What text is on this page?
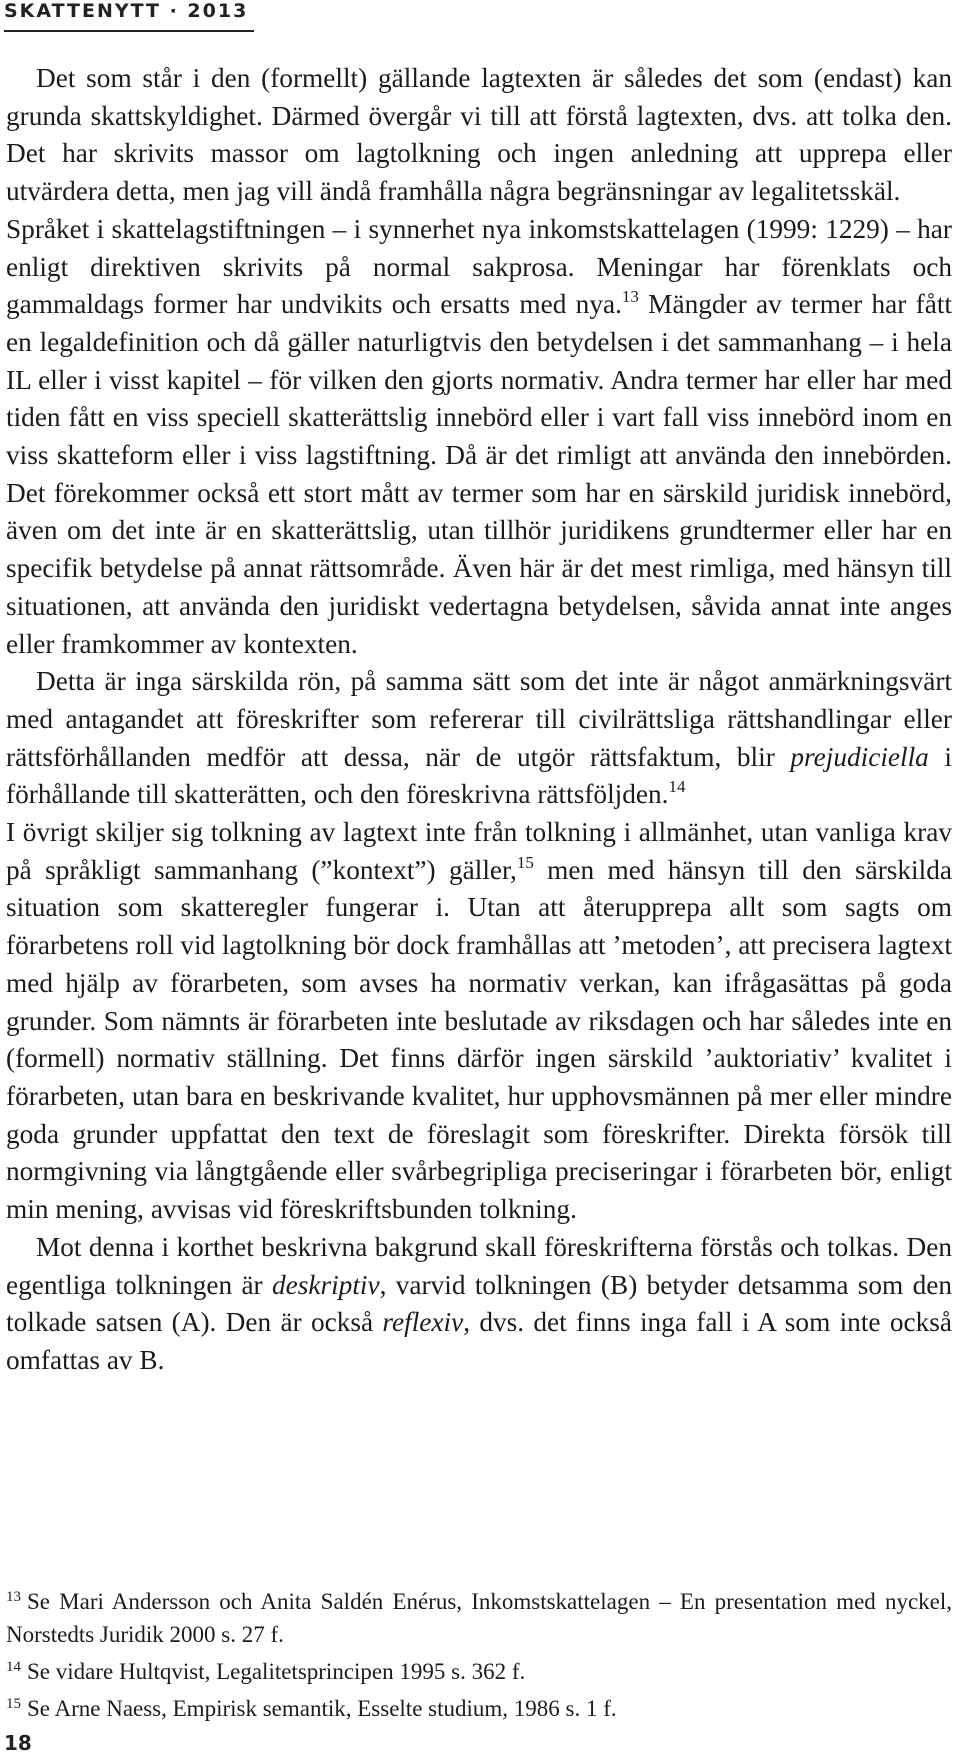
SKATTENYTT · 2013

Det som står i den (formellt) gällande lagtexten är således det som (endast) kan grunda skattskyldighet. Därmed övergår vi till att förstå lagtexten, dvs. att tolka den. Det har skrivits massor om lagtolkning och ingen anledning att upprepa eller utvärdera detta, men jag vill ändå framhålla några begränsningar av legalitetsskäl.

Språket i skattelagstiftningen – i synnerhet nya inkomstskattelagen (1999: 1229) – har enligt direktiven skrivits på normal sakprosa. Meningar har förenklats och gammaldags former har undvikits och ersatts med nya.$^{13}$ Mängder av termer har fått en legaldefinition och då gäller naturligtvis den betydelsen i det sammanhang – i hela IL eller i visst kapitel – för vilken den gjorts normativ. Andra termer har eller har med tiden fått en viss speciell skatterättslig innebörd eller i vart fall viss innebörd inom en viss skatteform eller i viss lagstiftning. Då är det rimligt att använda den innebörden. Det förekommer också ett stort mått av termer som har en särskild juridisk innebörd, även om det inte är en skatterättslig, utan tillhör juridikens grundtermer eller har en specifik betydelse på annat rättsområde. Även här är det mest rimliga, med hänsyn till situationen, att använda den juridiskt vedertagna betydelsen, såvida annat inte anges eller framkommer av kontexten.

Detta är inga särskilda rön, på samma sätt som det inte är något anmärkningsvärt med antagandet att föreskrifter som refererar till civilrättsliga rättshandlingar eller rättsförhållanden medför att dessa, när de utgör rättsfaktum, blir prejudiciella i förhållande till skatterätten, och den föreskrivna rättsföljden.$^{14}$

I övrigt skiljer sig tolkning av lagtext inte från tolkning i allmänhet, utan vanliga krav på språkligt sammanhang (”kontext”) gäller,$^{15}$ men med hänsyn till den särskilda situation som skatteregler fungerar i. Utan att återupprepa allt som sagts om förarbetens roll vid lagtolkning bör dock framhållas att ’metoden’, att precisera lagtext med hjälp av förarbeten, som avses ha normativ verkan, kan ifrågasättas på goda grunder. Som nämnts är förarbeten inte beslutade av riksdagen och har således inte en (formell) normativ ställning. Det finns därför ingen särskild ’auktoriativ’ kvalitet i förarbeten, utan bara en beskrivande kvalitet, hur upphovsmännen på mer eller mindre goda grunder uppfattat den text de föreslagit som föreskrifter. Direkta försök till normgivning via långtgående eller svårbegripliga preciseringar i förarbeten bör, enligt min mening, avvisas vid föreskriftsbunden tolkning.

Mot denna i korthet beskrivna bakgrund skall föreskrifterna förstås och tolkas. Den egentliga tolkningen är deskriptiv, varvid tolkningen (B) betyder detsamma som den tolkade satsen (A). Den är också reflexiv, dvs. det finns inga fall i A som inte också omfattas av B.

$^{13}$ Se Mari Andersson och Anita Saldén Enérus, Inkomstskattelagen – En presentation med nyckel, Norstedts Juridik 2000 s. 27 f.

$^{14}$ Se vidare Hultqvist, Legalitetsprincipen 1995 s. 362 f.

$^{15}$ Se Arne Naess, Empirisk semantik, Esselte studium, 1986 s. 1 f.

18
